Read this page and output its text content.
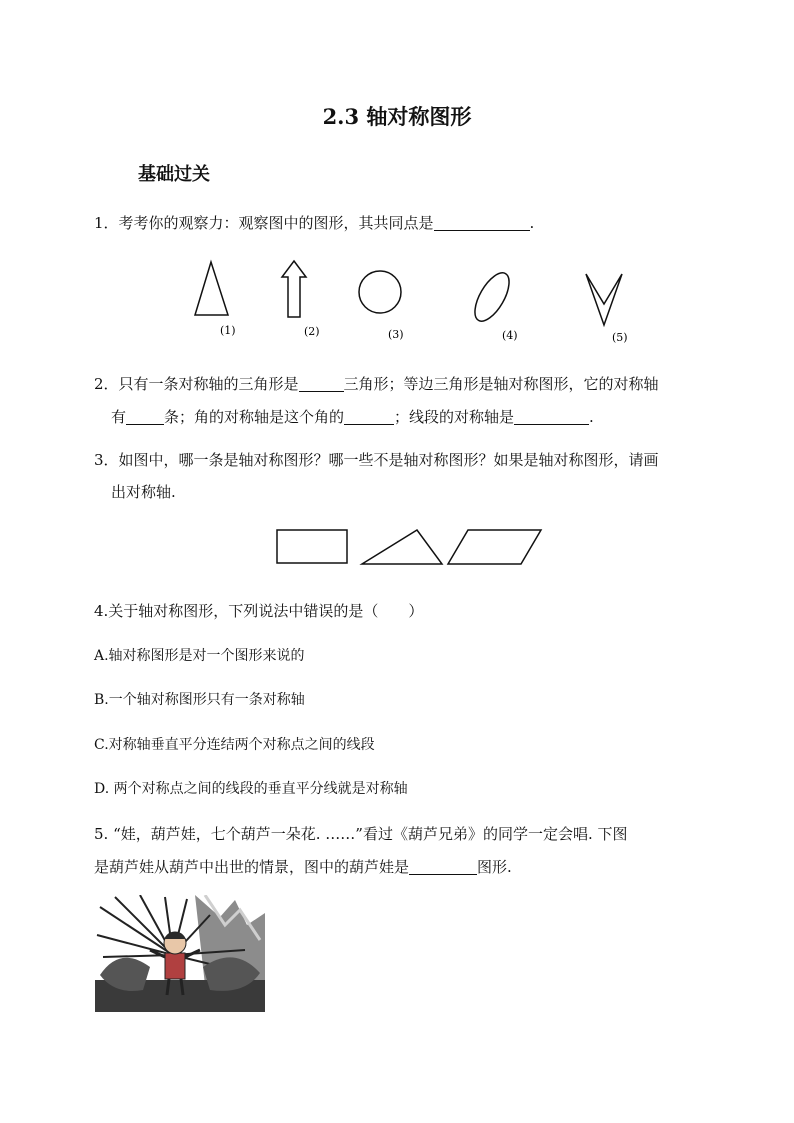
2.3 轴对称图形
基础过关
1．考考你的观察力：观察图中的图形，其共同点是	.
(1)	(2)	(3)	(4)	(5)
2．只有一条对称轴的三角形是	三角形；等边三角形是轴对称图形，它的对称轴
有	条；角的对称轴是这个角的	；线段的对称轴是	.
3．如图中，哪一条是轴对称图形？哪一些不是轴对称图形？如果是轴对称图形，请画
出对称轴.
4.关于轴对称图形，下列说法中错误的是（　　）
A.轴对称图形是对一个图形来说的
B.一个轴对称图形只有一条对称轴
C.对称轴垂直平分连结两个对称点之间的线段
D. 两个对称点之间的线段的垂直平分线就是对称轴
5. “娃，葫芦娃，七个葫芦一朵花. ……”看过《葫芦兄弟》的同学一定会唱. 下图
是葫芦娃从葫芦中出世的情景，图中的葫芦娃是	图形.
